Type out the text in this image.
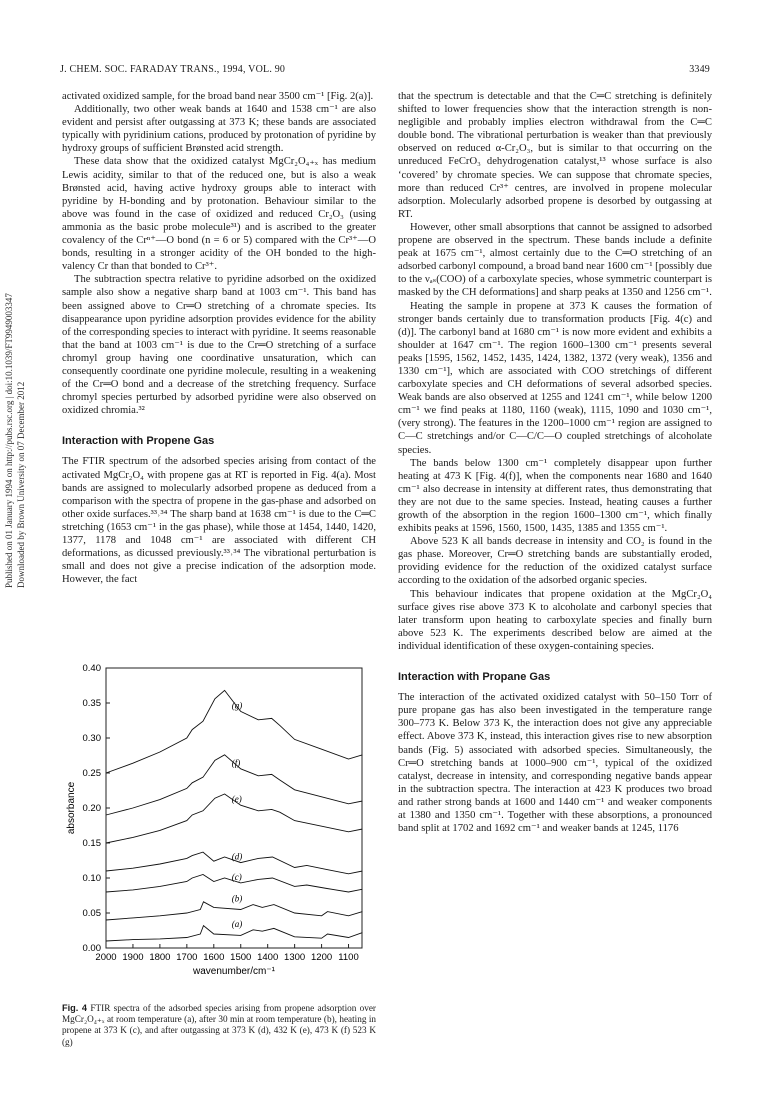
J. CHEM. SOC. FARADAY TRANS., 1994, VOL. 90	3349
Published on 01 January 1994 on http://pubs.rsc.org | doi:10.1039/FT9949003347 Downloaded by Brown University on 07 December 2012

activated oxidized sample, for the broad band near 3500 cm⁻¹ [Fig. 2(a)].

Additionally, two other weak bands at 1640 and 1538 cm⁻¹ are also evident and persist after outgassing at 373 K; these bands are associated typically with pyridinium cations, produced by protonation of pyridine by hydroxy groups of sufficient Brønsted acid strength.

These data show that the oxidized catalyst MgCr₂O₄₊ₓ has medium Lewis acidity, similar to that of the reduced one, but is also a weak Brønsted acid, having active hydroxy groups able to interact with pyridine by H-bonding and by protonation. Behaviour similar to the above was found in the case of oxidized and reduced Cr₂O₃ (using ammonia as the basic probe molecule³¹) and is ascribed to the greater covalency of the Crⁿ⁺—O bond (n = 6 or 5) compared with the Cr³⁺—O bonds, resulting in a stronger acidity of the OH bonded to the high-valency Cr than that bonded to Cr³⁺.

The subtraction spectra relative to pyridine adsorbed on the oxidized sample also show a negative sharp band at 1003 cm⁻¹. This band has been assigned above to Cr═O stretching of a chromate species. Its disappearance upon pyridine adsorption provides evidence for the ability of the corresponding species to interact with pyridine. It seems reasonable that the band at 1003 cm⁻¹ is due to the Cr═O stretching of a surface chromyl group having one coordinative unsaturation, which can consequently coordinate one pyridine molecule, resulting in a weakening of the Cr═O bond and a decrease of the stretching frequency. Surface chromyl species perturbed by adsorbed pyridine were also observed on oxidized chromia.³²

Interaction with Propene Gas

The FTIR spectrum of the adsorbed species arising from contact of the activated MgCr₂O₄ with propene gas at RT is reported in Fig. 4(a). Most bands are assigned to molecularly adsorbed propene as deduced from a comparison with the spectra of propene in the gas-phase and adsorbed on other oxide surfaces.³³˒³⁴ The sharp band at 1638 cm⁻¹ is due to the C═C stretching (1653 cm⁻¹ in the gas phase), while those at 1454, 1440, 1420, 1377, 1178 and 1048 cm⁻¹ are associated with different CH deformations, as dicussed previously.³³˒³⁴ The vibrational perturbation is small and does not give a precise indication of the adsorption mode. However, the fact

0.00
0.05
0.10
0.15
0.20
0.25
0.30
0.35
0.40
2000 1900 1800 1700 1600 1500 1400 1300 1200 1100
wavenumber/cm⁻¹
absorbance
(a)
(b)
(c)
(d)
(e)
(f)
(g)
Fig. 4 FTIR spectra of the adsorbed species arising from propene adsorption over MgCr₂O₄₊ₓ at room temperature (a), after 30 min at room temperature (b), heating in propene at 373 K (c), and after outgassing at 373 K (d), 432 K (e), 473 K (f) 523 K (g)

that the spectrum is detectable and that the C═C stretching is definitely shifted to lower frequencies show that the interaction strength is non-negligible and probably implies electron withdrawal from the C═C double bond. The vibrational perturbation is weaker than that previously observed on reduced α-Cr₂O₃, but is similar to that occurring on the unreduced FeCrO₃ dehydrogenation catalyst,¹³ whose surface is also ‘covered’ by chromate species. We can suppose that chromate species, more than reduced Cr³⁺ centres, are involved in propene molecular adsorption. Molecularly adsorbed propene is desorbed by outgassing at RT.

However, other small absorptions that cannot be assigned to adsorbed propene are observed in the spectrum. These bands include a definite peak at 1675 cm⁻¹, almost certainly due to the C═O stretching of an adsorbed carbonyl compound, a broad band near 1600 cm⁻¹ [possibly due to the νₐₛ(COO) of a carboxylate species, whose symmetric counterpart is masked by the CH deformations] and sharp peaks at 1350 and 1256 cm⁻¹.

Heating the sample in propene at 373 K causes the formation of stronger bands certainly due to transformation products [Fig. 4(c) and (d)]. The carbonyl band at 1680 cm⁻¹ is now more evident and exhibits a shoulder at 1647 cm⁻¹. The region 1600–1300 cm⁻¹ presents several peaks [1595, 1562, 1452, 1435, 1424, 1382, 1372 (very weak), 1356 and 1330 cm⁻¹], which are associated with COO stretchings of different carboxylate species and CH deformations of several adsorbed species. Weak bands are also observed at 1255 and 1241 cm⁻¹, while below 1200 cm⁻¹ we find peaks at 1180, 1160 (weak), 1115, 1090 and 1030 cm⁻¹, (very strong). The features in the 1200–1000 cm⁻¹ region are assigned to C—C stretchings and/or C—C/C—O coupled stretchings of alcoholate species.

The bands below 1300 cm⁻¹ completely disappear upon further heating at 473 K [Fig. 4(f)], when the components near 1680 and 1640 cm⁻¹ also decrease in intensity at different rates, thus demonstrating that they are not due to the same species. Instead, heating causes a further growth of the absorption in the region 1600–1300 cm⁻¹, which finally exhibits peaks at 1596, 1560, 1500, 1435, 1385 and 1355 cm⁻¹.

Above 523 K all bands decrease in intensity and CO₂ is found in the gas phase. Moreover, Cr═O stretching bands are substantially eroded, providing evidence for the reduction of the oxidized catalyst surface according to the oxidation of the adsorbed organic species.

This behaviour indicates that propene oxidation at the MgCr₂O₄ surface gives rise above 373 K to alcoholate and carbonyl species that later transform upon heating to carboxylate species and finally burn above 523 K. The experiments described below are aimed at the individual identification of these oxygen-containing species.

Interaction with Propane Gas

The interaction of the activated oxidized catalyst with 50–150 Torr of pure propane gas has also been investigated in the temperature range 300–773 K. Below 373 K, the interaction does not give any appreciable effect. Above 373 K, instead, this interaction gives rise to new absorption bands (Fig. 5) associated with adsorbed species. Simultaneously, the Cr═O stretching bands at 1000–900 cm⁻¹, typical of the oxidized catalyst, decrease in intensity, and corresponding negative bands appear in the subtraction spectra. The interaction at 423 K produces two broad and rather strong bands at 1600 and 1440 cm⁻¹ and weaker components at 1380 and 1350 cm⁻¹. Together with these absorptions, a pronounced band split at 1702 and 1692 cm⁻¹ and weaker bands at 1245, 1176
